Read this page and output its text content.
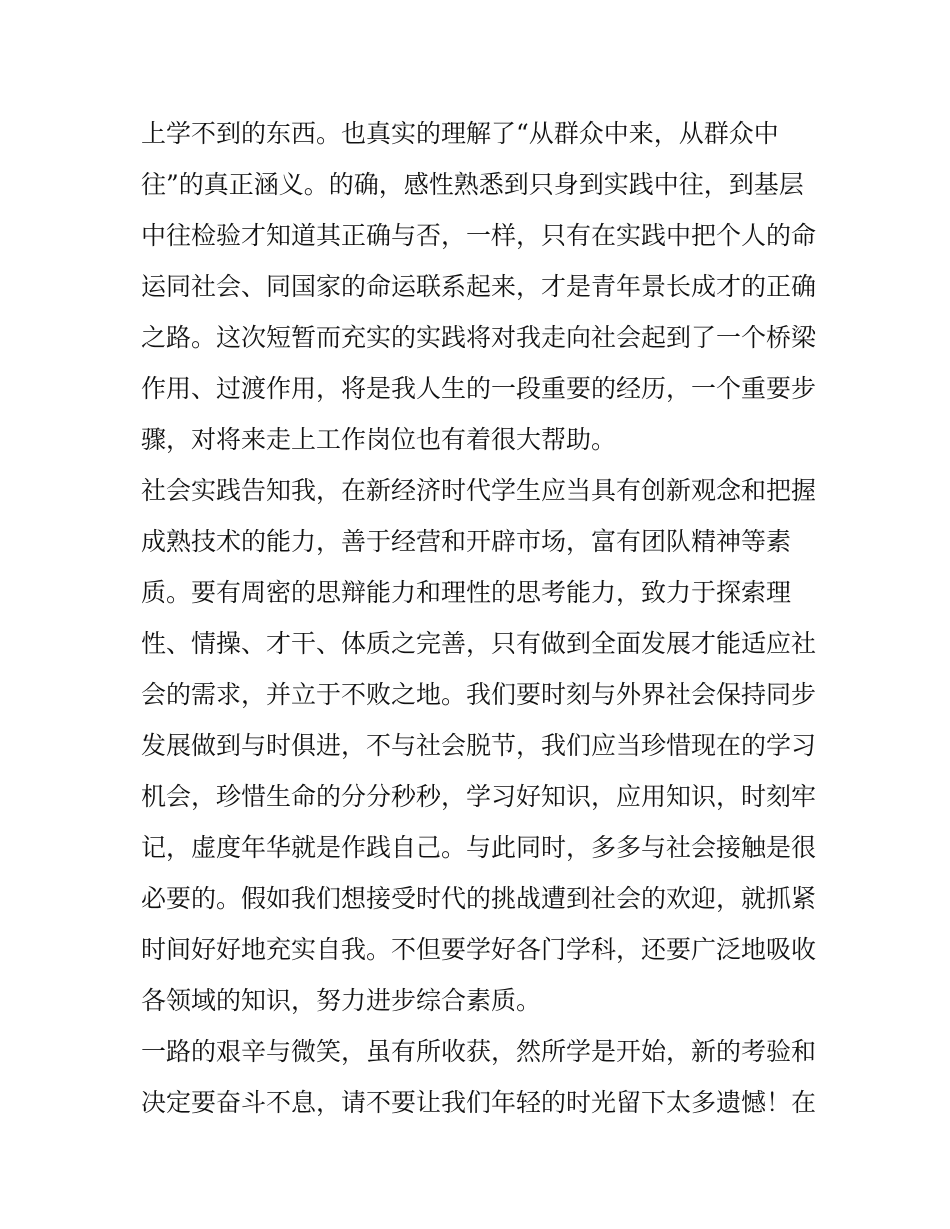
上学不到的东西。也真实的理解了“从群众中来，从群众中
往”的真正涵义。的确，感性熟悉到只身到实践中往，到基层
中往检验才知道其正确与否，一样，只有在实践中把个人的命
运同社会、同国家的命运联系起来，才是青年景长成才的正确
之路。这次短暂而充实的实践将对我走向社会起到了一个桥梁
作用、过渡作用，将是我人生的一段重要的经历，一个重要步
骤，对将来走上工作岗位也有着很大帮助。
社会实践告知我，在新经济时代学生应当具有创新观念和把握
成熟技术的能力，善于经营和开辟市场，富有团队精神等素
质。要有周密的思辩能力和理性的思考能力，致力于探索理
性、情操、才干、体质之完善，只有做到全面发展才能适应社
会的需求，并立于不败之地。我们要时刻与外界社会保持同步
发展做到与时俱进，不与社会脱节，我们应当珍惜现在的学习
机会，珍惜生命的分分秒秒，学习好知识，应用知识，时刻牢
记，虚度年华就是作践自己。与此同时，多多与社会接触是很
必要的。假如我们想接受时代的挑战遭到社会的欢迎，就抓紧
时间好好地充实自我。不但要学好各门学科，还要广泛地吸收
各领域的知识，努力进步综合素质。
一路的艰辛与微笑，虽有所收获，然所学是开始，新的考验和
决定要奋斗不息，请不要让我们年轻的时光留下太多遗憾！在
